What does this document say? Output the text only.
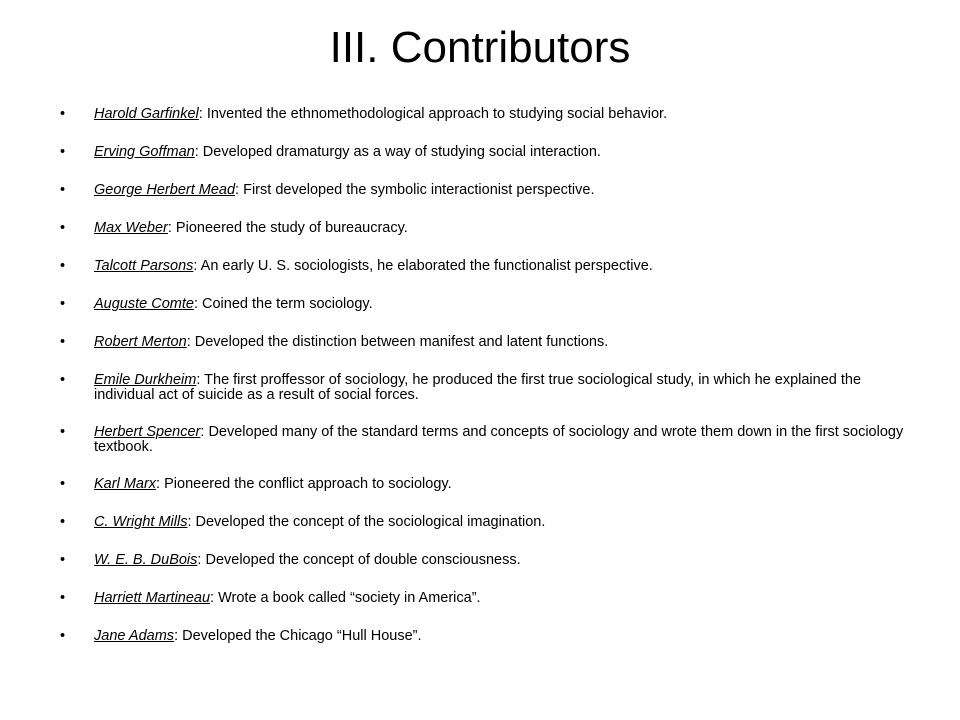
III. Contributors
• Harold Garfinkel: Invented the ethnomethodological approach to studying social behavior.
• Erving Goffman: Developed dramaturgy as a way of studying social interaction.
• George Herbert Mead: First developed the symbolic interactionist perspective.
• Max Weber: Pioneered the study of bureaucracy.
• Talcott Parsons: An early U. S. sociologists, he elaborated the functionalist perspective.
• Auguste Comte: Coined the term sociology.
• Robert Merton: Developed the distinction between manifest and latent functions.
• Emile Durkheim: The first proffessor of sociology, he produced the first true sociological study, in which he explained the individual act of suicide as a result of social forces.
• Herbert Spencer: Developed many of the standard terms and concepts of sociology and wrote them down in the first sociology textbook.
• Karl Marx: Pioneered the conflict approach to sociology.
• C. Wright Mills: Developed the concept of the sociological imagination.
• W. E. B. DuBois: Developed the concept of double consciousness.
• Harriett Martineau: Wrote a book called “society in America”.
• Jane Adams: Developed the Chicago “Hull House”.
